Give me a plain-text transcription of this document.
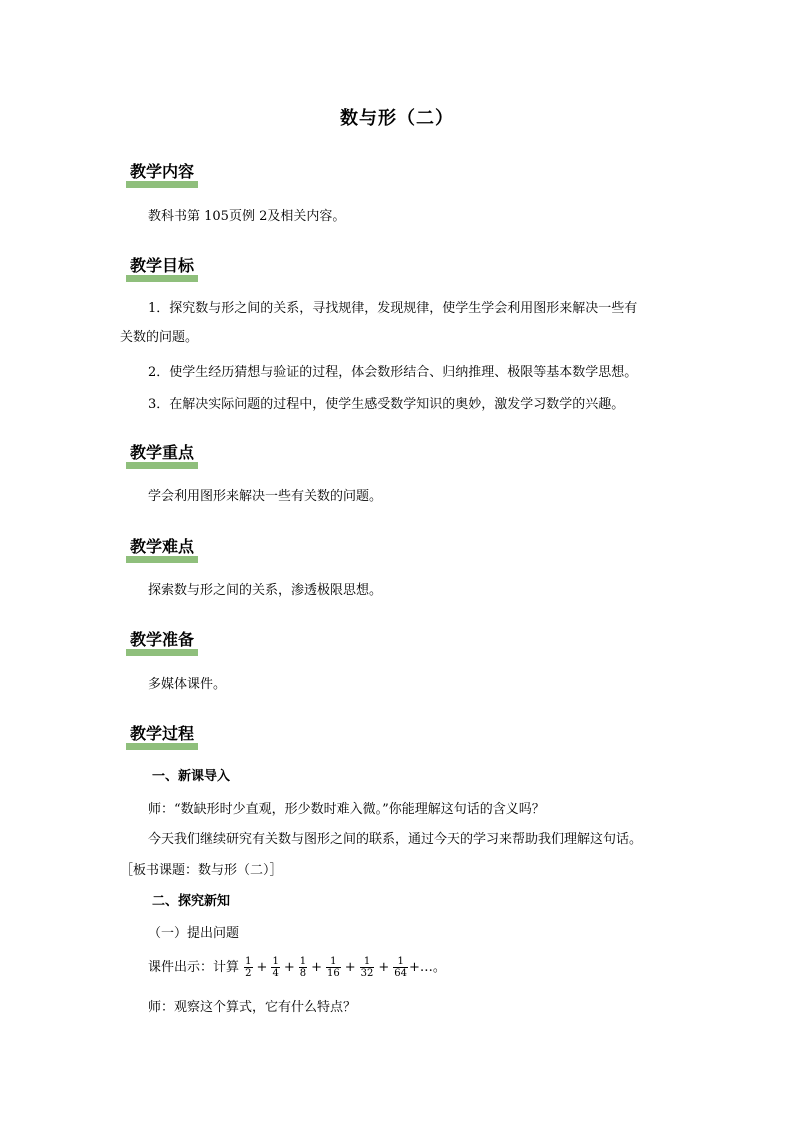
数与形（二）
教学内容
教科书第 105页例 2及相关内容。
教学目标
1．探究数与形之间的关系，寻找规律，发现规律，使学生学会利用图形来解决一些有
关数的问题。
2．使学生经历猜想与验证的过程，体会数形结合、归纳推理、极限等基本数学思想。
3．在解决实际问题的过程中，使学生感受数学知识的奥妙，激发学习数学的兴趣。
教学重点
学会利用图形来解决一些有关数的问题。
教学难点
探索数与形之间的关系，渗透极限思想。
教学准备
多媒体课件。
教学过程
一、新课导入
师：“数缺形时少直观，形少数时难入微。”你能理解这句话的含义吗？
今天我们继续研究有关数与图形之间的联系，通过今天的学习来帮助我们理解这句话。
［板书课题：数与形（二）］
二、探究新知
（一）提出问题
课件出示：计算 $\frac{1}{2} + \frac{1}{4} + \frac{1}{8} + \frac{1}{16} + \frac{1}{32} + \frac{1}{64}$ +…。
师：观察这个算式，它有什么特点？
